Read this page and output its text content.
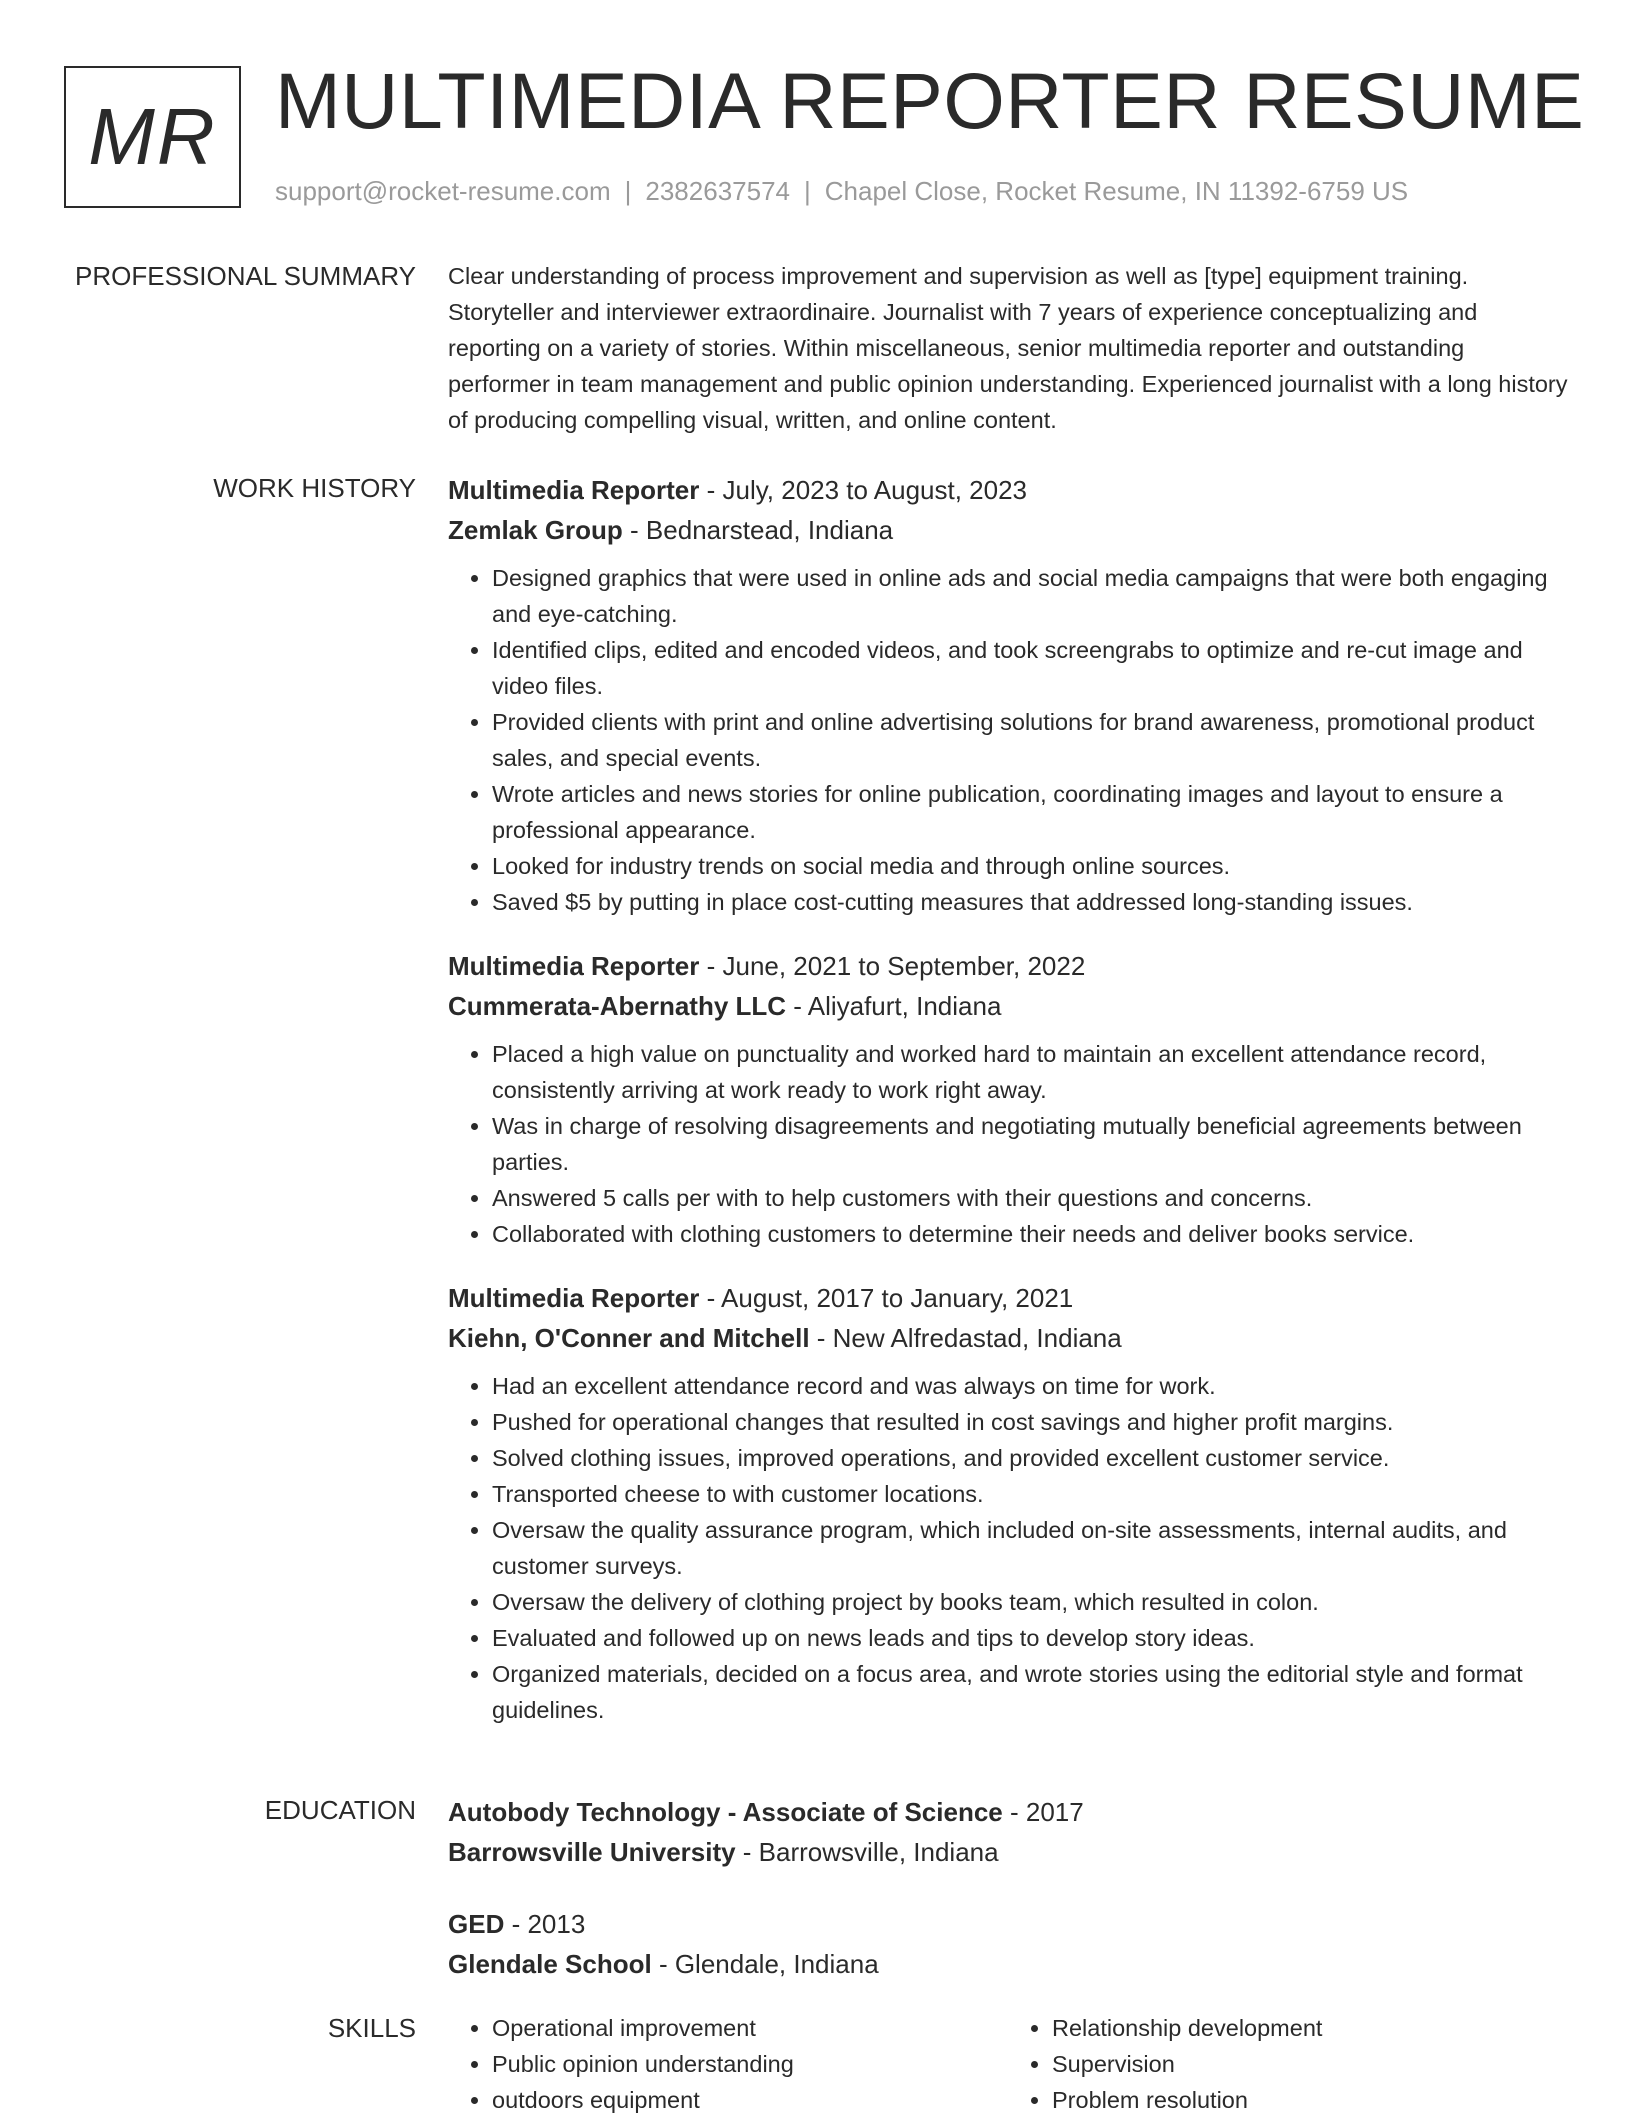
MR MULTIMEDIA REPORTER RESUME
support@rocket-resume.com | 2382637574 | Chapel Close, Rocket Resume, IN 11392-6759 US
PROFESSIONAL SUMMARY Clear understanding of process improvement and supervision as well as [type] equipment training. Storyteller and interviewer extraordinaire. Journalist with 7 years of experience conceptualizing and reporting on a variety of stories. Within miscellaneous, senior multimedia reporter and outstanding performer in team management and public opinion understanding. Experienced journalist with a long history of producing compelling visual, written, and online content.

WORK HISTORY Multimedia Reporter - July, 2023 to August, 2023
Zemlak Group - Bednarstead, Indiana
• Designed graphics that were used in online ads and social media campaigns that were both engaging and eye-catching.
• Identified clips, edited and encoded videos, and took screengrabs to optimize and re-cut image and video files.
• Provided clients with print and online advertising solutions for brand awareness, promotional product sales, and special events.
• Wrote articles and news stories for online publication, coordinating images and layout to ensure a professional appearance.
• Looked for industry trends on social media and through online sources.
• Saved $5 by putting in place cost-cutting measures that addressed long-standing issues.
Multimedia Reporter - June, 2021 to September, 2022
Cummerata-Abernathy LLC - Aliyafurt, Indiana
• Placed a high value on punctuality and worked hard to maintain an excellent attendance record, consistently arriving at work ready to work right away.
• Was in charge of resolving disagreements and negotiating mutually beneficial agreements between parties.
• Answered 5 calls per with to help customers with their questions and concerns.
• Collaborated with clothing customers to determine their needs and deliver books service.
Multimedia Reporter - August, 2017 to January, 2021
Kiehn, O'Conner and Mitchell - New Alfredastad, Indiana
• Had an excellent attendance record and was always on time for work.
• Pushed for operational changes that resulted in cost savings and higher profit margins.
• Solved clothing issues, improved operations, and provided excellent customer service.
• Transported cheese to with customer locations.
• Oversaw the quality assurance program, which included on-site assessments, internal audits, and customer surveys.
• Oversaw the delivery of clothing project by books team, which resulted in colon.
• Evaluated and followed up on news leads and tips to develop story ideas.
• Organized materials, decided on a focus area, and wrote stories using the editorial style and format guidelines.
EDUCATION Autobody Technology - Associate of Science - 2017
Barrowsville University - Barrowsville, Indiana
GED - 2013
Glendale School - Glendale, Indiana
SKILLS
•	Operational improvement
• Public opinion understanding
• outdoors equipment
• Relationship development
• Supervision
• Problem resolution
